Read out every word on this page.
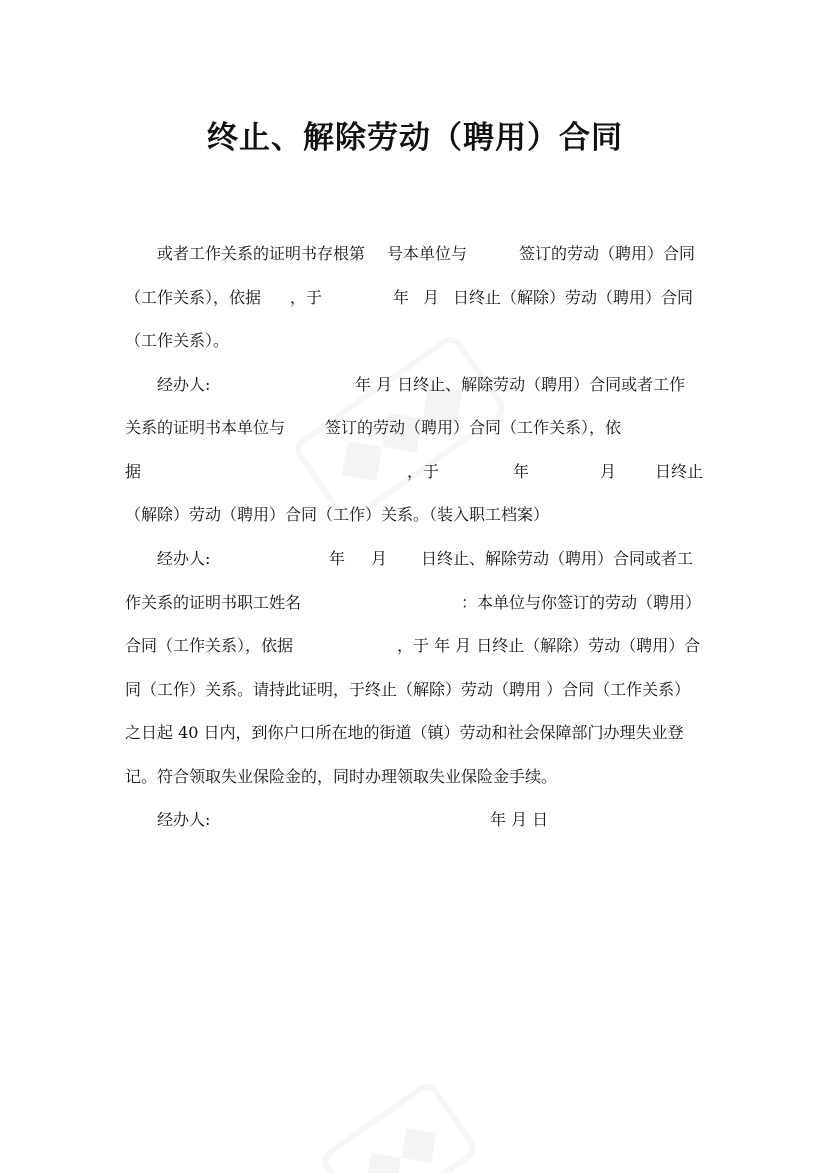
终止、解除劳动（聘用）合同
或者工作关系的证明书存根第 号本单位与	签订的劳动（聘用）合同
（工作关系），依据 ，于	年 月 日终止（解除）劳动（聘用）合同
（工作关系）。
经办人:	年 月 日终止、解除劳动（聘用）合同或者工作
关系的证明书本单位与 签订的劳动（聘用）合同（工作关系），依
据	，于	年	月 日终止
（解除）劳动（聘用）合同（工作）关系。（装入职工档案）
经办人:	年 月 日终止、解除劳动（聘用）合同或者工
作关系的证明书职工姓名	：本单位与你签订的劳动（聘用）
合同（工作关系），依据	，于 年 月 日终止（解除）劳动（聘用）合
同（工作）关系。请持此证明，于终止（解除）劳动（聘用 ）合同（工作关系）
之日起 40 日内，到你户口所在地的街道（镇）劳动和社会保障部门办理失业登
记。符合领取失业保险金的，同时办理领取失业保险金手续。
经办人:	年 月 日
